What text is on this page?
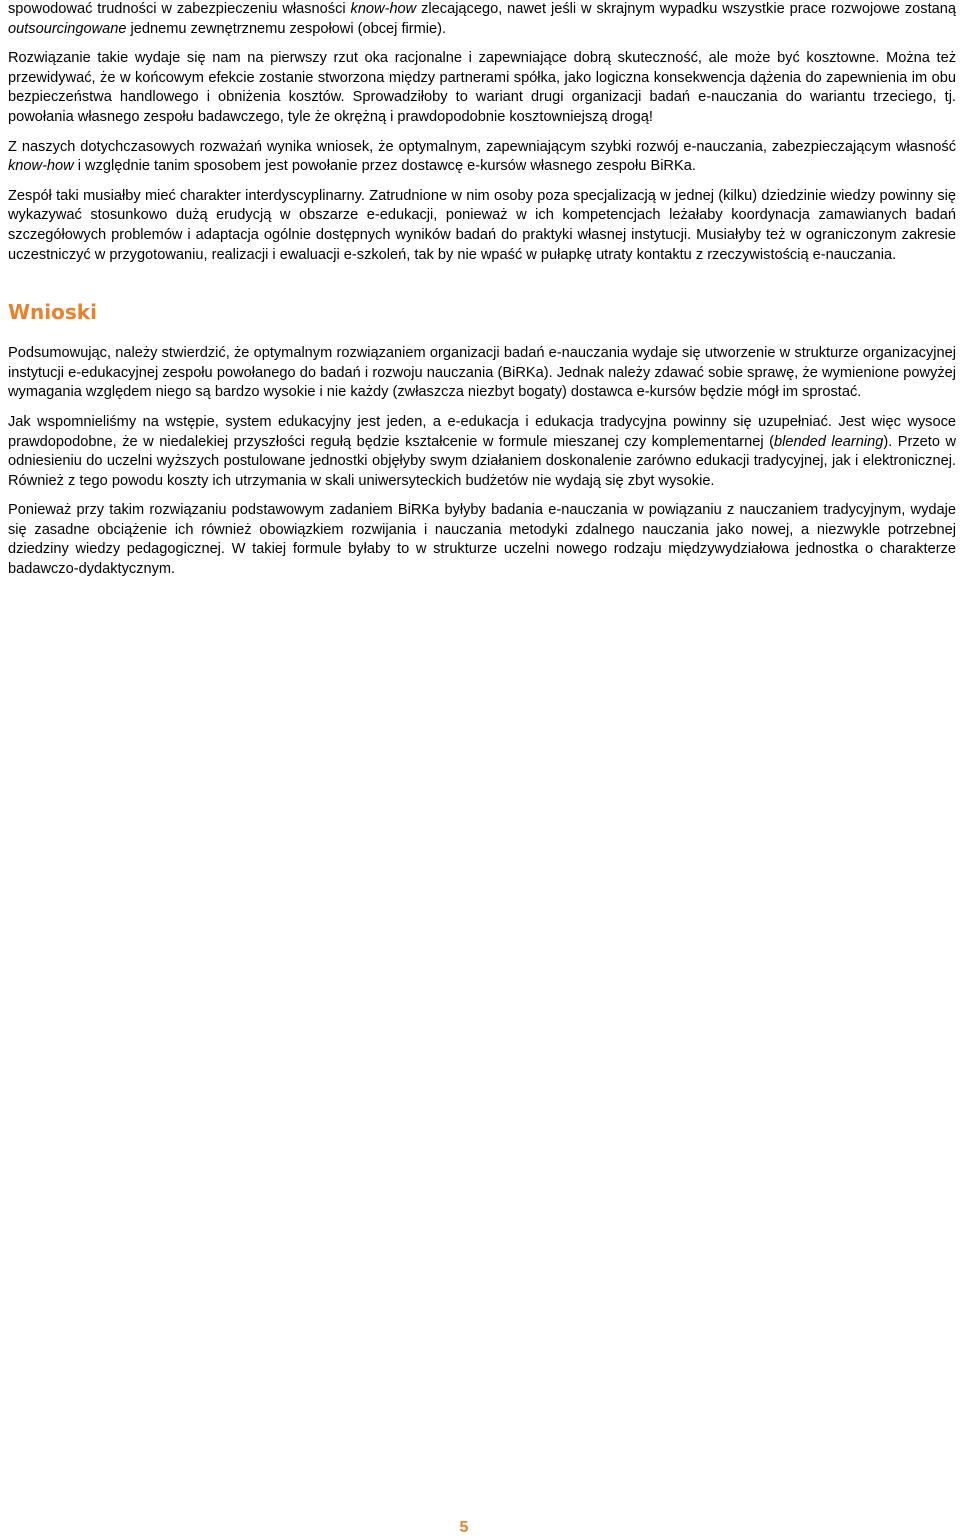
spowodować trudności w zabezpieczeniu własności know-how zlecającego, nawet jeśli w skrajnym wypadku wszystkie prace rozwojowe zostaną outsourcingowane jednemu zewnętrznemu zespołowi (obcej firmie).

Rozwiązanie takie wydaje się nam na pierwszy rzut oka racjonalne i zapewniające dobrą skuteczność, ale może być kosztowne. Można też przewidywać, że w końcowym efekcie zostanie stworzona między partnerami spółka, jako logiczna konsekwencja dążenia do zapewnienia im obu bezpieczeństwa handlowego i obniżenia kosztów. Sprowadziłoby to wariant drugi organizacji badań e-nauczania do wariantu trzeciego, tj. powołania własnego zespołu badawczego, tyle że okrężną i prawdopodobnie kosztowniejszą drogą!

Z naszych dotychczasowych rozważań wynika wniosek, że optymalnym, zapewniającym szybki rozwój e-nauczania, zabezpieczającym własność know-how i względnie tanim sposobem jest powołanie przez dostawcę e-kursów własnego zespołu BiRKa.

Zespół taki musiałby mieć charakter interdyscyplinarny. Zatrudnione w nim osoby poza specjalizacją w jednej (kilku) dziedzinie wiedzy powinny się wykazywać stosunkowo dużą erudycją w obszarze e-edukacji, ponieważ w ich kompetencjach leżałaby koordynacja zamawianych badań szczegółowych problemów i adaptacja ogólnie dostępnych wyników badań do praktyki własnej instytucji. Musiałyby też w ograniczonym zakresie uczestniczyć w przygotowaniu, realizacji i ewaluacji e-szkoleń, tak by nie wpaść w pułapkę utraty kontaktu z rzeczywistością e-nauczania.

Wnioski

Podsumowując, należy stwierdzić, że optymalnym rozwiązaniem organizacji badań e-nauczania wydaje się utworzenie w strukturze organizacyjnej instytucji e-edukacyjnej zespołu powołanego do badań i rozwoju nauczania (BiRKa). Jednak należy zdawać sobie sprawę, że wymienione powyżej wymagania względem niego są bardzo wysokie i nie każdy (zwłaszcza niezbyt bogaty) dostawca e-kursów będzie mógł im sprostać.

Jak wspomnieliśmy na wstępie, system edukacyjny jest jeden, a e-edukacja i edukacja tradycyjna powinny się uzupełniać. Jest więc wysoce prawdopodobne, że w niedalekiej przyszłości regułą będzie kształcenie w formule mieszanej czy komplementarnej (blended learning). Przeto w odniesieniu do uczelni wyższych postulowane jednostki objęłyby swym działaniem doskonalenie zarówno edukacji tradycyjnej, jak i elektronicznej. Również z tego powodu koszty ich utrzymania w skali uniwersyteckich budżetów nie wydają się zbyt wysokie.

Ponieważ przy takim rozwiązaniu podstawowym zadaniem BiRKa byłyby badania e-nauczania w powiązaniu z nauczaniem tradycyjnym, wydaje się zasadne obciążenie ich również obowiązkiem rozwijania i nauczania metodyki zdalnego nauczania jako nowej, a niezwykle potrzebnej dziedziny wiedzy pedagogicznej. W takiej formule byłaby to w strukturze uczelni nowego rodzaju międzywydziałowa jednostka o charakterze badawczo-dydaktycznym.

5
